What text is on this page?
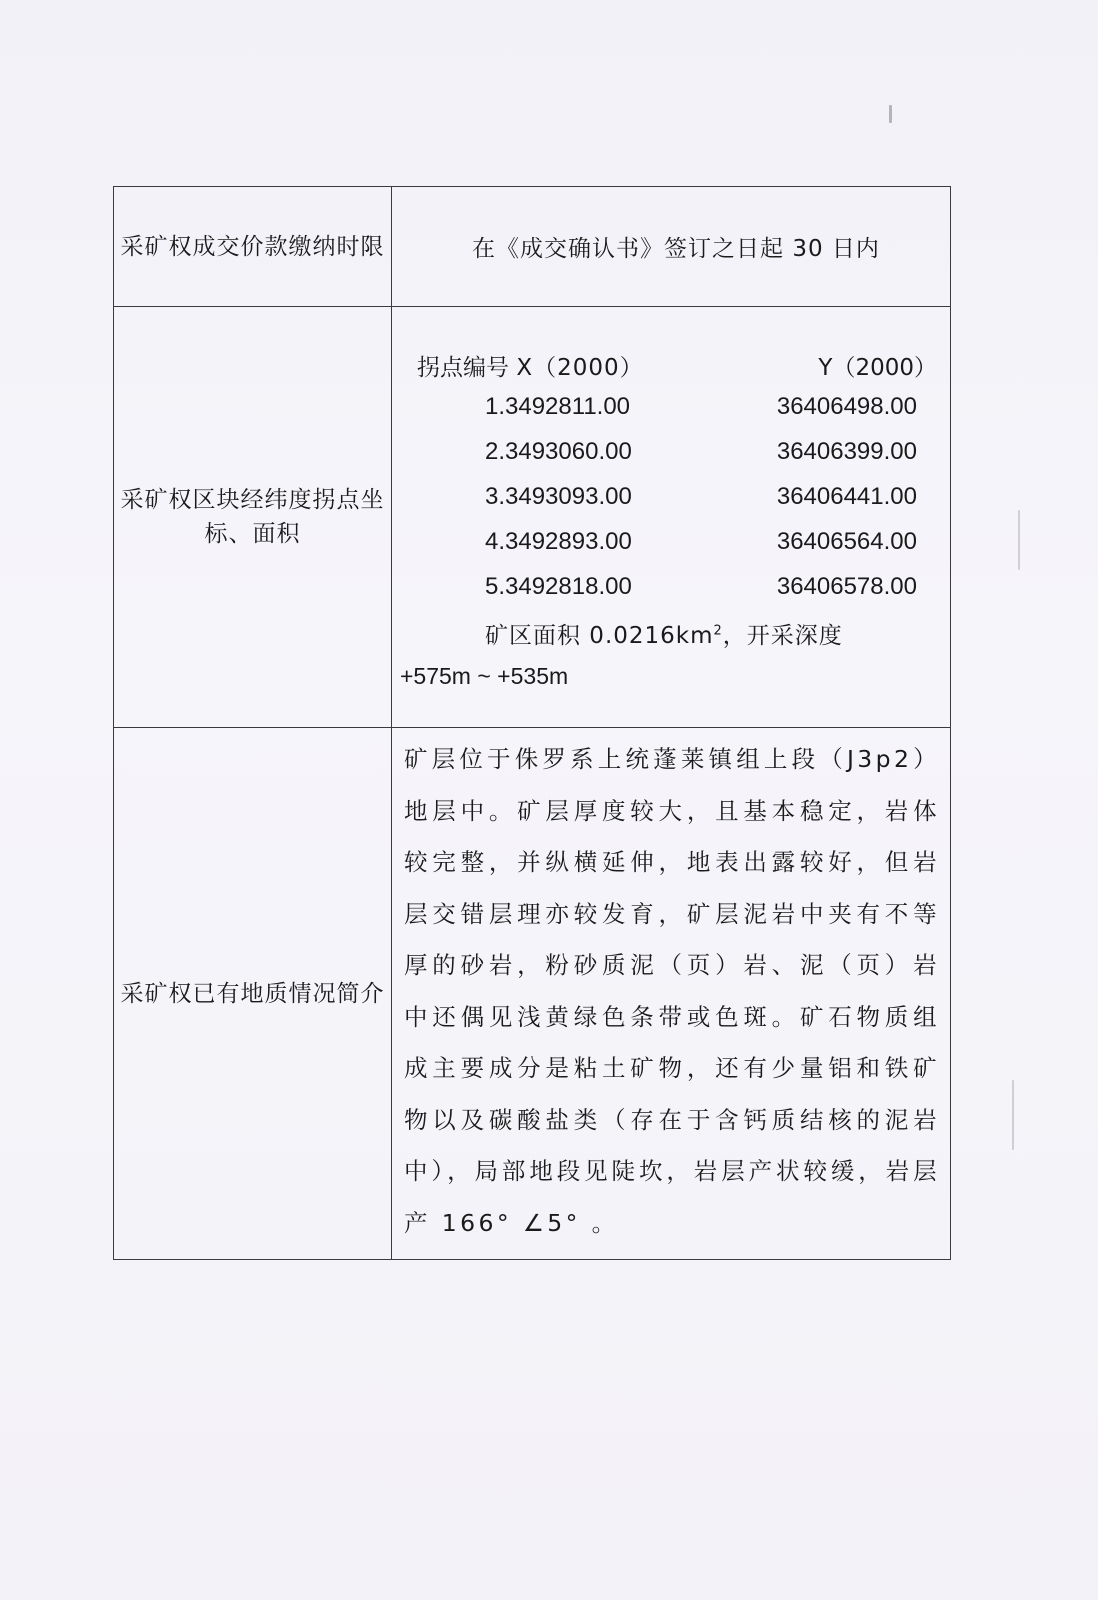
采矿权成交价款缴纳时限	在《成交确认书》签订之日起 30 日内

采矿权区块经纬度拐点坐标、面积	
拐点编号 X（2000）	Y（2000）
1.3492811.00	36406498.00
2.3493060.00	36406399.00
3.3493093.00	36406441.00
4.3492893.00	36406564.00
5.3492818.00	36406578.00
矿区面积 $0.0216km^2$，开采深度
+575m ~ +535m

采矿权已有地质情况简介	矿层位于侏罗系上统蓬莱镇组上段（J3p2）地层中。矿层厚度较大，且基本稳定，岩体较完整，并纵横延伸，地表出露较好，但岩层交错层理亦较发育，矿层泥岩中夹有不等厚的砂岩，粉砂质泥（页）岩、泥（页）岩中还偶见浅黄绿色条带或色斑。矿石物质组成主要成分是粘土矿物，还有少量铝和铁矿物以及碳酸盐类（存在于含钙质结核的泥岩中），局部地段见陡坎，岩层产状较缓，岩层产 166° ∠5° 。
